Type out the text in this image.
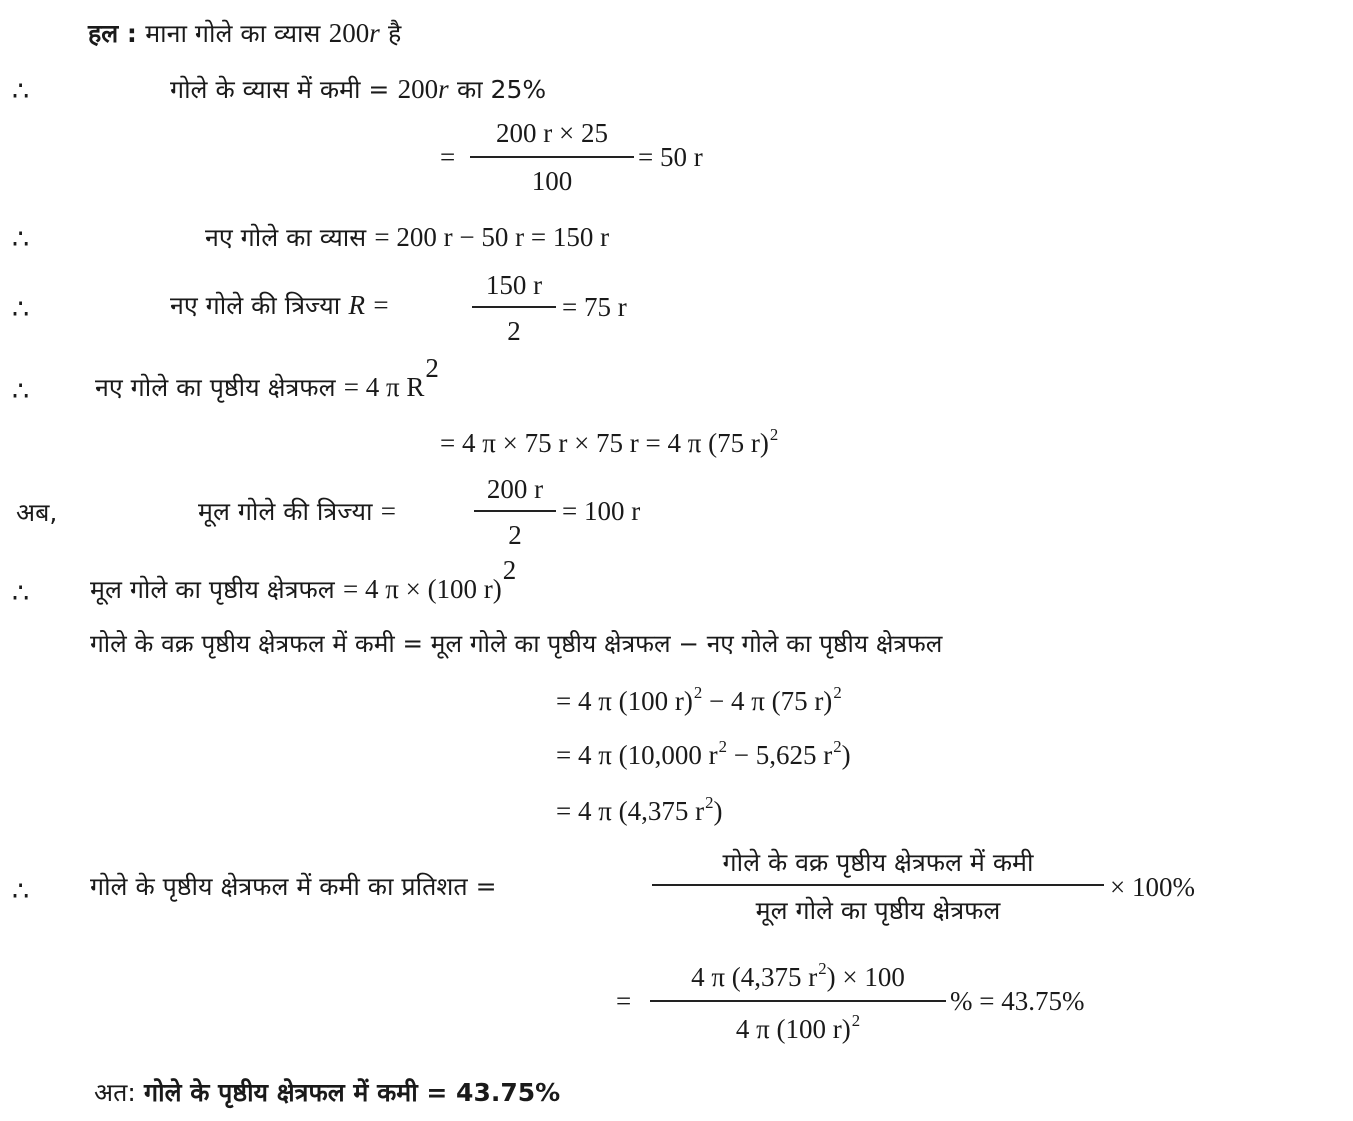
हल : माना गोले का व्यास 200r है
∴	गोले के व्यास में कमी = 200r का 25%
=
200 r × 25
100
= 50 r
∴	नए गोले का व्यास = 200 r − 50 r = 150 r
∴	नए गोले की त्रिज्या R =
150 r
2
= 75 r
∴	नए गोले का पृष्ठीय क्षेत्रफल = 4 π $R^2$
= 4 π × 75 r × 75 r = 4 π (75 r)$^2$
अब,	मूल गोले की त्रिज्या =
200 r
2
= 100 r
∴ मूल गोले का पृष्ठीय क्षेत्रफल = 4 π × (100 r)$^2$
गोले के वक्र पृष्ठीय क्षेत्रफल में कमी = मूल गोले का पृष्ठीय क्षेत्रफल − नए गोले का पृष्ठीय क्षेत्रफल
= 4 π (100 r)$^2$ − 4 π (75 r)$^2$
= 4 π (10,000 $r^2 - 5,625$ $r^2$)
= 4 π (4,375 $r^2$)
∴ गोले के पृष्ठीय क्षेत्रफल में कमी का प्रतिशत =
गोले के वक्र पृष्ठीय क्षेत्रफल में कमी
मूल गोले का पृष्ठीय क्षेत्रफल
× 100%
=
4 π (4,375 $r^2) \times 100$
4 π (100 r)$^2$
% = 43.75%
अत: गोले के पृष्ठीय क्षेत्रफल में कमी = 43.75%
